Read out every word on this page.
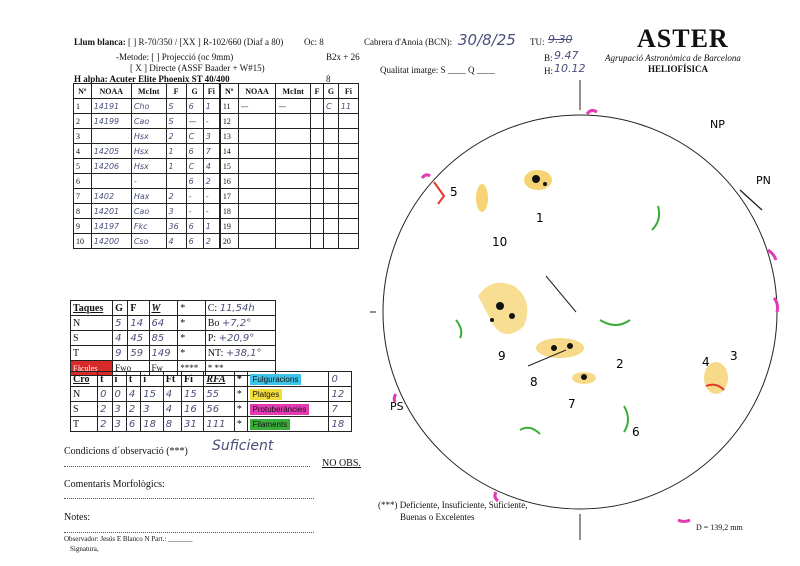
Llum blanca: [ ] R-70/350 / [XX ] R-102/660 (Diaf a 80) Oc: 8
-Metode: [ ] Projecció (oc 9mm)	B2x + 26
[ X ] Directe (ASSF Baader + W#15)
H alpha: Acuter Elite Phoenix ST 40/400	8
Cabrera d'Anoia (BCN): 30/8/25 TU: 9.30
B: 9.47
H: 10.12
Qualitat imatge: S ____ Q ____
ASTER
Agrupació Astronòmica de Barcelona
HELIOFÍSICA
Nº	NOAA	McInt	F	G	Fi	Nº	NOAA	McInt	F	G	Fi
1	14191	Cho	S	6	1	11	—	—		C	11
2	14199	Cao	S	—	-	12					
3		Hsx	2	C	3	13					
4	14205	Hsx	1	6	7	14					
5	14206	Hsx	1	C	4	15					
6		-		6	2	16					
7	1402	Hax	2	-	-	17					
8	14201	Cao	3	-	-	18					
9	14197	Fkc	36	6	1	19					
10	14200	Cso	4	6	2	20					
Taques	G	F	W	*	C: 11,54h
N	5	14	64	*	Bo +7,2°
S	4	45	85	*	P: +20,9°
T	9	59	149	*	NT: +38,1°
Fàcules	Fwo		Fw	****	* **
Cro	t	i	t	i	Ft	Fi	RFA	*	Fulguracions	0
N	0	0	4	15	4	15	55	*	Platges	12
S	2	3	2	3	4	16	56	*	Protuberàncies	7
T	2	3	6	18	8	31	111	*	Filaments	18
Condicions d´observació (***) Suficient
NO OBS.
Comentaris Morfològics:
Notes:
Observador: Jesús E Blanco N Part.: _______
Signatura,
(***) Deficiente, Insuficiente, Suficiente,
Buenas o Excelentes
D = 139,2 mm
NP
PN
PS
1
2
3
4
5
6
7
8
9
10
